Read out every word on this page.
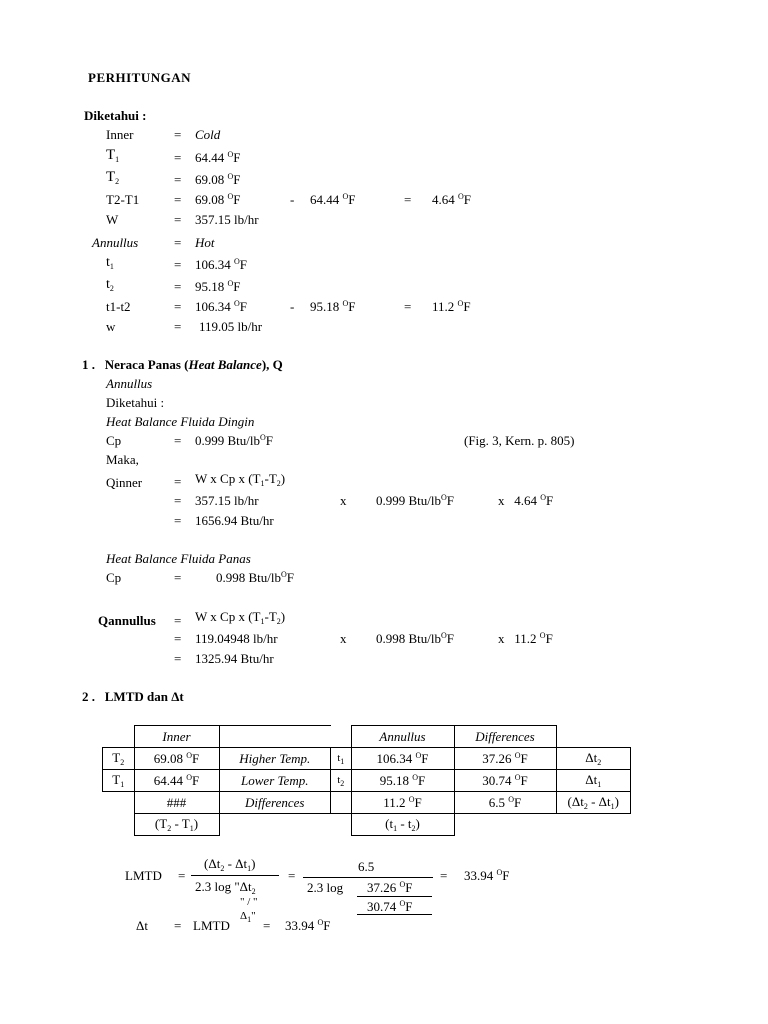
PERHITUNGAN
Diketahui :
Inner	= Cold
$T_1$	= 64.44 $^O$F
$T_2$	= 69.08 $^O$F
T2-T1	= 69.08 $^O$F	- 64.44 $^O$F	= 4.64 $^O$F
W	= 357.15 lb/hr
Annullus	= Hot
$t_1$	= 106.34 $^O$F
$t_2$	= 95.18 $^O$F
t1-t2	= 106.34 $^O$F	- 95.18 $^O$F	= 11.2 $^O$F
w	= 119.05 lb/hr
1 . Neraca Panas (Heat Balance), Q
Annullus
Diketahui :
Heat Balance Fluida Dingin
Cp	= 0.999 Btu/$lb^OF$	(Fig. 3, Kern. p. 805)
Maka,
Qinner = W x Cp x $(T_1-T_2)$
= 357.15 lb/hr	x 0.999 Btu/$lb^OF$	x   4.64 $^O$F
= 1656.94 Btu/hr
Heat Balance Fluida Panas
Cp	=	0.998 Btu/$lb^OF$
Qannullus = W x Cp x $(T_1-T_2)$
= 119.04948 lb/hr	x 0.998 Btu/$lb^OF$	x   11.2 $^O$F
= 1325.94 Btu/hr
2 . LMTD dan Δt
	Inner			Annullus	Differences	
$T_2$	69.08 $^O$F	Higher Temp.	$t_1$	106.34 $^O$F	37.26 $^O$F	$\Delta t_2$
$T_1$	64.44 $^O$F	Lower Temp.	$t_2$	95.18 $^O$F	30.74 $^O$F	$\Delta t_1$
	###	Differences		11.2 $^O$F	6.5 $^O$F	$(\Delta t_2 - \Delta t_1)$
	$(T_2 - T_1)$			$(t_1 - t_2)$		
LMTD =
$(\Delta t_2 - \Delta t_1)$
2.3 $\log "\Delta t_2$
" / "
$\Delta_1$"
=
6.5
2.3 log 37.26 $^O$F
30.74 $^O$F
= 33.94 $^O$F
Δt = LMTD	= 33.94 $^O$F
